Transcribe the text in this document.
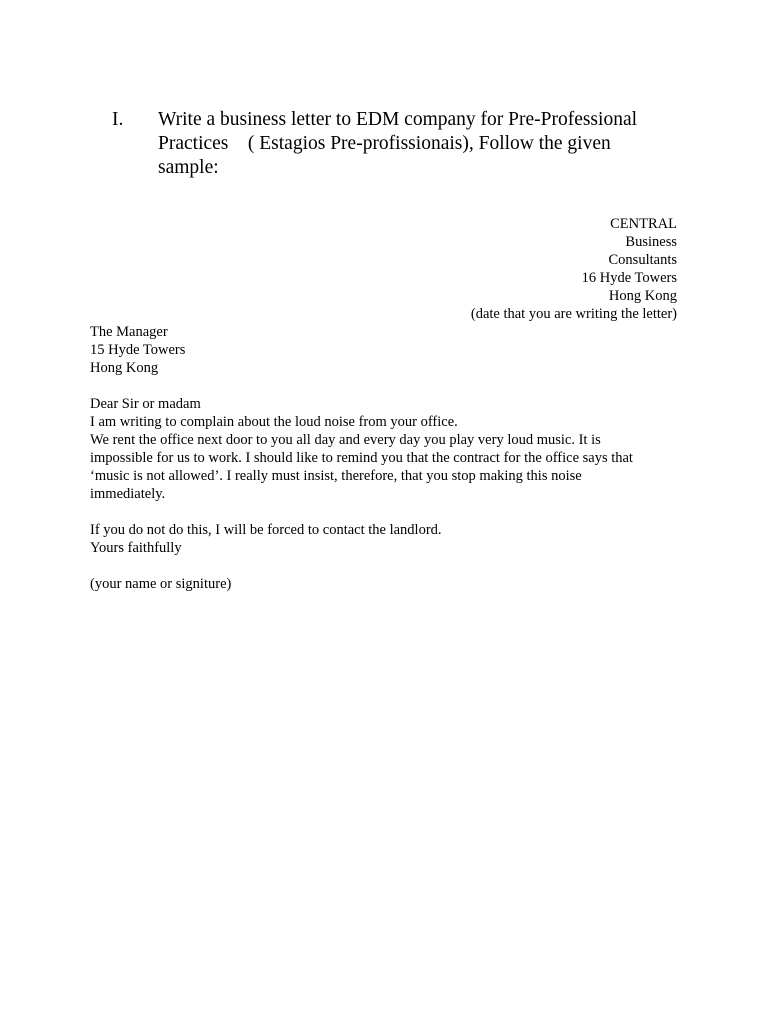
I. Write a business letter to EDM company for Pre-Professional
Practices    ( Estagios Pre-profissionais), Follow the given
sample:
CENTRAL
Business
Consultants
16 Hyde Towers
Hong Kong
(date that you are writing the letter)
The Manager
15 Hyde Towers
Hong Kong
Dear Sir or madam
I am writing to complain about the loud noise from your office.
We rent the office next door to you all day and every day you play very loud music. It is
impossible for us to work. I should like to remind you that the contract for the office says that
‘music is not allowed’. I really must insist, therefore, that you stop making this noise
immediately.
If you do not do this, I will be forced to contact the landlord.
Yours faithfully
(your name or signiture)
